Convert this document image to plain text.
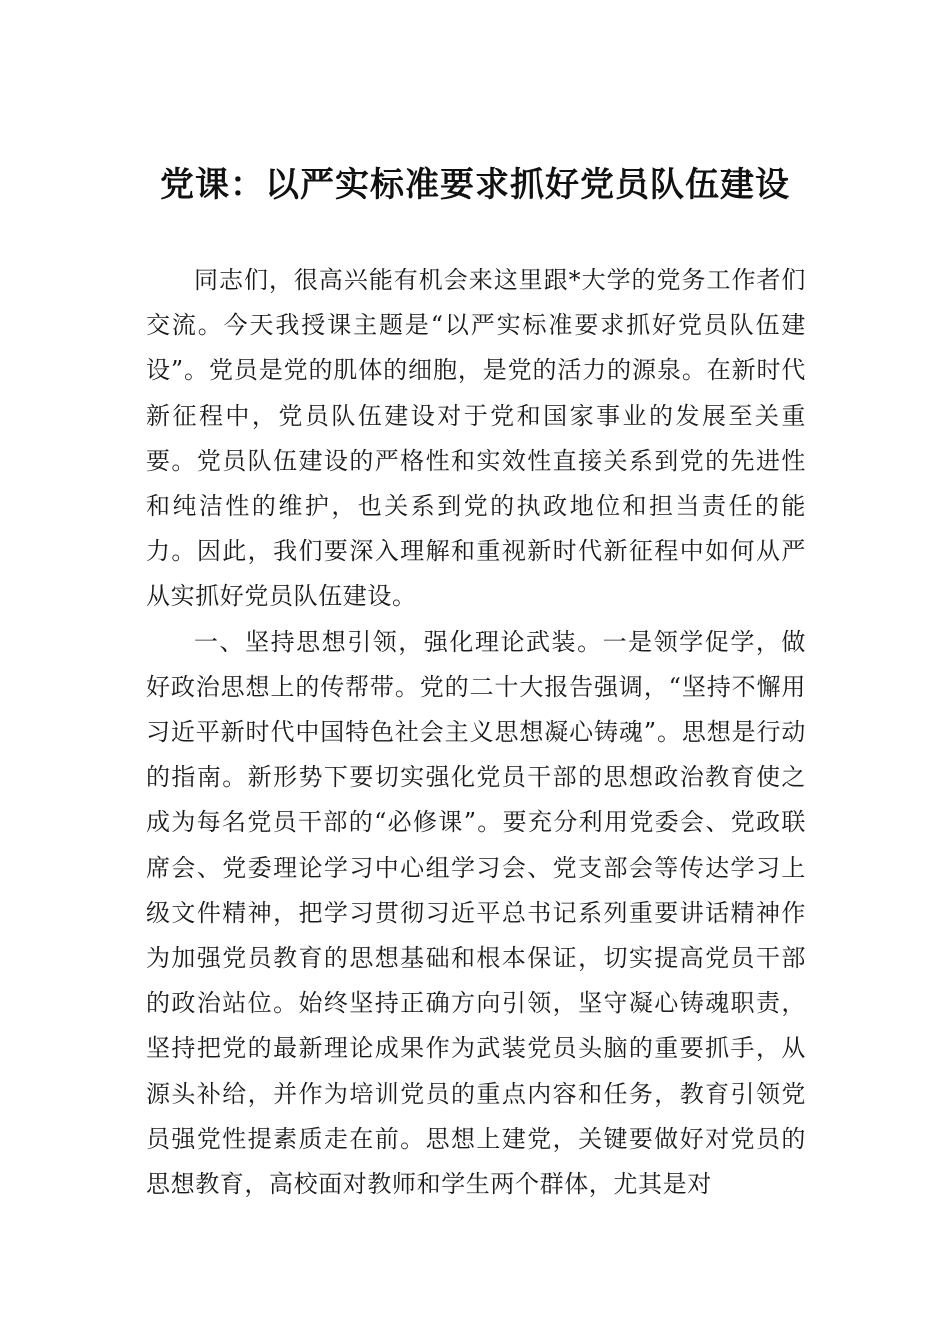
党课：以严实标准要求抓好党员队伍建设

同志们，很高兴能有机会来这里跟*大学的党务工作者们交流。今天我授课主题是“以严实标准要求抓好党员队伍建设”。党员是党的肌体的细胞，是党的活力的源泉。在新时代新征程中，党员队伍建设对于党和国家事业的发展至关重要。党员队伍建设的严格性和实效性直接关系到党的先进性和纯洁性的维护，也关系到党的执政地位和担当责任的能力。因此，我们要深入理解和重视新时代新征程中如何从严从实抓好党员队伍建设。

一、坚持思想引领，强化理论武装。一是领学促学，做好政治思想上的传帮带。党的二十大报告强调，“坚持不懈用习近平新时代中国特色社会主义思想凝心铸魂”。思想是行动的指南。新形势下要切实强化党员干部的思想政治教育使之成为每名党员干部的“必修课”。要充分利用党委会、党政联席会、党委理论学习中心组学习会、党支部会等传达学习上级文件精神，把学习贯彻习近平总书记系列重要讲话精神作为加强党员教育的思想基础和根本保证，切实提高党员干部的政治站位。始终坚持正确方向引领，坚守凝心铸魂职责，坚持把党的最新理论成果作为武装党员头脑的重要抓手，从源头补给，并作为培训党员的重点内容和任务，教育引领党员强党性提素质走在前。思想上建党，关键要做好对党员的思想教育，高校面对教师和学生两个群体，尤其是对
